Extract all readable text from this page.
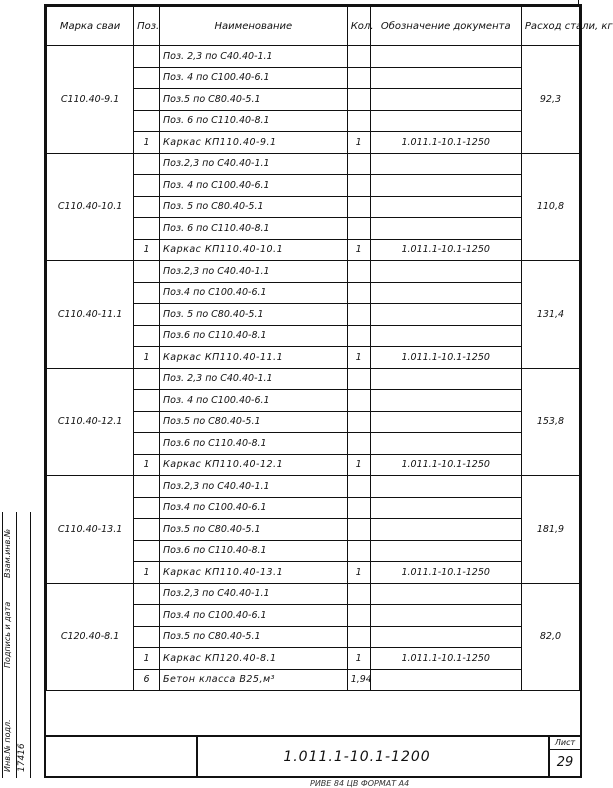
Марка сваи	Поз.	Наименование	Кол.	Обозначение документа	Расход стали, кг
С110.40-9.1		Поз. 2,3 по С40.40-1.1			92,3
		Поз. 4 по С100.40-6.1			
		Поз.5 по С80.40-5.1			
		Поз. 6 по С110.40-8.1			
	1	Каркас КП110.40-9.1	1	1.011.1-10.1-1250	
С110.40-10.1		Поз.2,3 по С40.40-1.1			110,8
		Поз. 4 по С100.40-6.1			
		Поз. 5 по С80.40-5.1			
		Поз. 6 по С110.40-8.1			
	1	Каркас КП110.40-10.1	1	1.011.1-10.1-1250	
С110.40-11.1		Поз.2,3 по С40.40-1.1			131,4
		Поз.4 по С100.40-6.1			
		Поз. 5 по С80.40-5.1			
		Поз.6 по С110.40-8.1			
	1	Каркас КП110.40-11.1	1	1.011.1-10.1-1250	
С110.40-12.1		Поз. 2,3 по С40.40-1.1			153,8
		Поз. 4 по С100.40-6.1			
		Поз.5 по С80.40-5.1			
		Поз.6 по С110.40-8.1			
	1	Каркас КП110.40-12.1	1	1.011.1-10.1-1250	
С110.40-13.1		Поз.2,3 по С40.40-1.1			181,9
		Поз.4 по С100.40-6.1			
		Поз.5 по С80.40-5.1			
		Поз.6 по С110.40-8.1			
	1	Каркас КП110.40-13.1	1	1.011.1-10.1-1250	
С120.40-8.1		Поз.2,3 по С40.40-1.1			82,0
		Поз.4 по С100.40-6.1			
		Поз.5 по С80.40-5.1			
	1	Каркас КП120.40-8.1	1	1.011.1-10.1-1250	
	6	Бетон класса В25,м³	1,94		
1.011.1-10.1-1200
Лист
29
Инв.№ подл.
Подпись и дата
Взам.инв.№
17416
РИВЕ 84 ЦВ ФОРМАТ А4
